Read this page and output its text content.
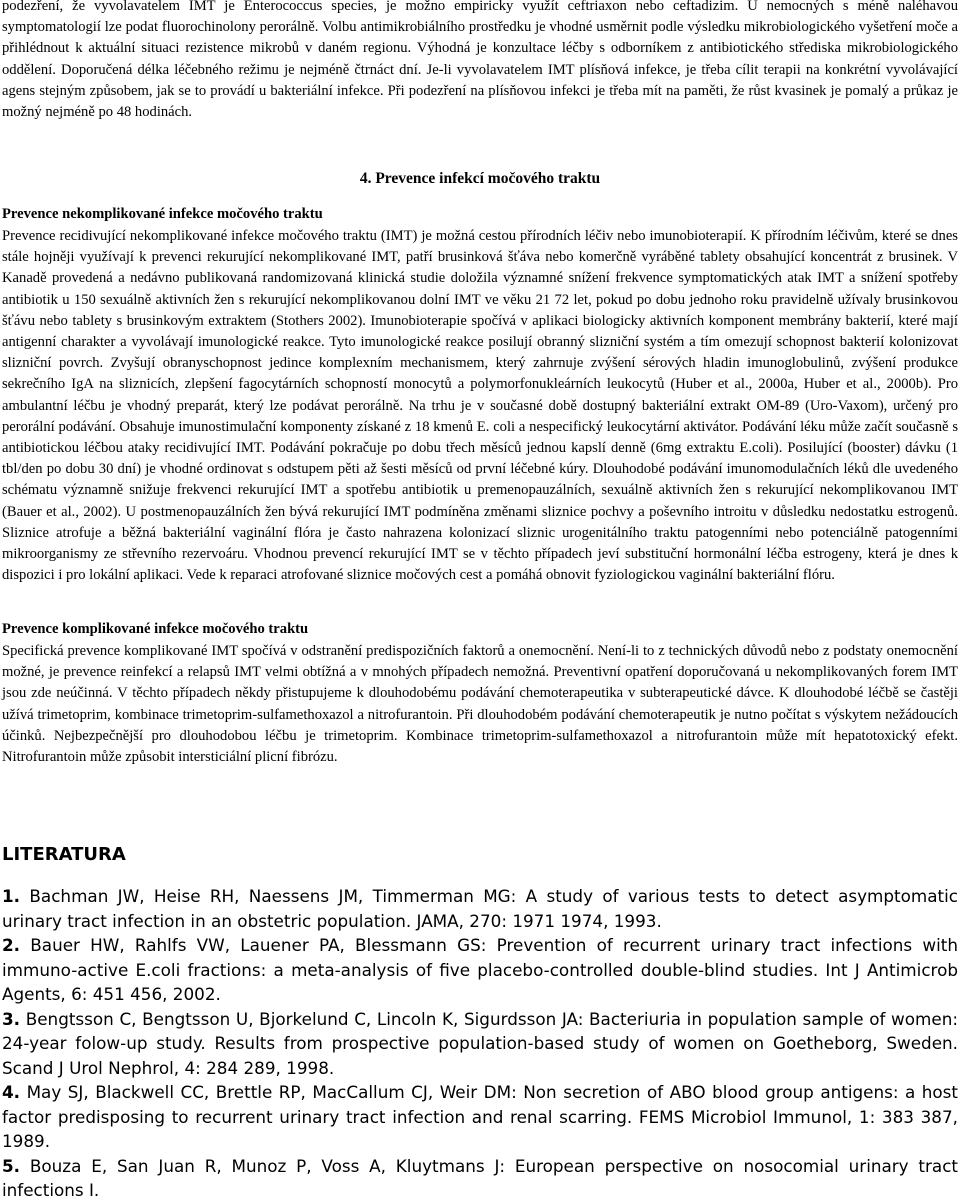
podezření, že vyvolavatelem IMT je Enterococcus species, je možno empiricky využít ceftriaxon nebo ceftadizim. U nemocných s méně naléhavou symptomatologií lze podat fluorochinolony perorálně. Volbu antimikrobiálního prostředku je vhodné usměrnit podle výsledku mikrobiologického vyšetření moče a přihlédnout k aktuální situaci rezistence mikrobů v daném regionu. Výhodná je konzultace léčby s odborníkem z antibiotického střediska mikrobiologického oddělení. Doporučená délka léčebného režimu je nejméně čtrnáct dní. Je-li vyvolavatelem IMT plísňová infekce, je třeba cílit terapii na konkrétní vyvolávající agens stejným způsobem, jak se to provádí u bakteriální infekce. Při podezření na plísňovou infekci je třeba mít na paměti, že růst kvasinek je pomalý a průkaz je možný nejméně po 48 hodinách.

4. Prevence infekcí močového traktu
Prevence nekomplikované infekce močového traktu

Prevence recidivující nekomplikované infekce močového traktu (IMT) je možná cestou přírodních léčiv nebo imunobioterapií. K přírodním léčivům, které se dnes stále hojněji využívají k prevenci rekurující nekomplikované IMT, patří brusinková šťáva nebo komerčně vyráběné tablety obsahující koncentrát z brusinek. V Kanadě provedená a nedávno publikovaná randomizovaná klinická studie doložila významné snížení frekvence symptomatických atak IMT a snížení spotřeby antibiotik u 150 sexuálně aktivních žen s rekurující nekomplikovanou dolní IMT ve věku 21 72 let, pokud po dobu jednoho roku pravidelně užívaly brusinkovou šťávu nebo tablety s brusinkovým extraktem (Stothers 2002). Imunobioterapie spočívá v aplikaci biologicky aktivních komponent membrány bakterií, které mají antigenní charakter a vyvolávají imunologické reakce. Tyto imunologické reakce posilují obranný slizniční systém a tím omezují schopnost bakterií kolonizovat slizniční povrch. Zvyšují obranyschopnost jedince komplexním mechanismem, který zahrnuje zvýšení sérových hladin imunoglobulinů, zvýšení produkce sekrečního IgA na sliznicích, zlepšení fagocytárních schopností monocytů a polymorfonukleárních leukocytů (Huber et al., 2000a, Huber et al., 2000b). Pro ambulantní léčbu je vhodný preparát, který lze podávat perorálně. Na trhu je v současné době dostupný bakteriální extrakt OM-89 (Uro-Vaxom), určený pro perorální podávání. Obsahuje imunostimulační komponenty získané z 18 kmenů E. coli a nespecifický leukocytární aktivátor. Podávání léku může začít současně s antibiotickou léčbou ataky recidivující IMT. Podávání pokračuje po dobu třech měsíců jednou kapslí denně (6mg extraktu E.coli). Posilující (booster) dávku (1 tbl/den po dobu 30 dní) je vhodné ordinovat s odstupem pěti až šesti měsíců od první léčebné kúry. Dlouhodobé podávání imunomodulačních léků dle uvedeného schématu významně snižuje frekvenci rekurující IMT a spotřebu antibiotik u premenopauzálních, sexuálně aktivních žen s rekurující nekomplikovanou IMT (Bauer et al., 2002). U postmenopauzálních žen bývá rekurující IMT podmíněna změnami sliznice pochvy a poševního introitu v důsledku nedostatku estrogenů. Sliznice atrofuje a běžná bakteriální vaginální flóra je často nahrazena kolonizací sliznic urogenitálního traktu patogenními nebo potenciálně patogenními mikroorganismy ze střevního rezervoáru. Vhodnou prevencí rekurující IMT se v těchto případech jeví substituční hormonální léčba estrogeny, která je dnes k dispozici i pro lokální aplikaci. Vede k reparaci atrofované sliznice močových cest a pomáhá obnovit fyziologickou vaginální bakteriální flóru.

Prevence komplikované infekce močového traktu

Specifická prevence komplikované IMT spočívá v odstranění predispozičních faktorů a onemocnění. Není-li to z technických důvodů nebo z podstaty onemocnění možné, je prevence reinfekcí a relapsů IMT velmi obtížná a v mnohých případech nemožná. Preventivní opatření doporučovaná u nekomplikovaných forem IMT jsou zde neúčinná. V těchto případech někdy přistupujeme k dlouhodobému podávání chemoterapeutika v subterapeutické dávce. K dlouhodobé léčbě se častěji užívá trimetoprim, kombinace trimetoprim-sulfamethoxazol a nitrofurantoin. Při dlouhodobém podávání chemoterapeutik je nutno počítat s výskytem nežádoucích účinků. Nejbezpečnější pro dlouhodobou léčbu je trimetoprim. Kombinace trimetoprim-sulfamethoxazol a nitrofurantoin může mít hepatotoxický efekt. Nitrofurantoin může způsobit intersticiální plicní fibrózu.

LITERATURA
1. Bachman JW, Heise RH, Naessens JM, Timmerman MG: A study of various tests to detect asymptomatic urinary tract infection in an obstetric population. JAMA, 270: 1971 1974, 1993.
2. Bauer HW, Rahlfs VW, Lauener PA, Blessmann GS: Prevention of recurrent urinary tract infections with immuno-active E.coli fractions: a meta-analysis of five placebo-controlled double-blind studies. Int J Antimicrob Agents, 6: 451 456, 2002.
3. Bengtsson C, Bengtsson U, Bjorkelund C, Lincoln K, Sigurdsson JA: Bacteriuria in population sample of women: 24-year folow-up study. Results from prospective population-based study of women on Goetheborg, Sweden. Scand J Urol Nephrol, 4: 284 289, 1998.
4. May SJ, Blackwell CC, Brettle RP, MacCallum CJ, Weir DM: Non secretion of ABO blood group antigens: a host factor predisposing to recurrent urinary tract infection and renal scarring. FEMS Microbiol Immunol, 1: 383 387, 1989.
5. Bouza E, San Juan R, Munoz P, Voss A, Kluytmans J: European perspective on nosocomial urinary tract infections I.
